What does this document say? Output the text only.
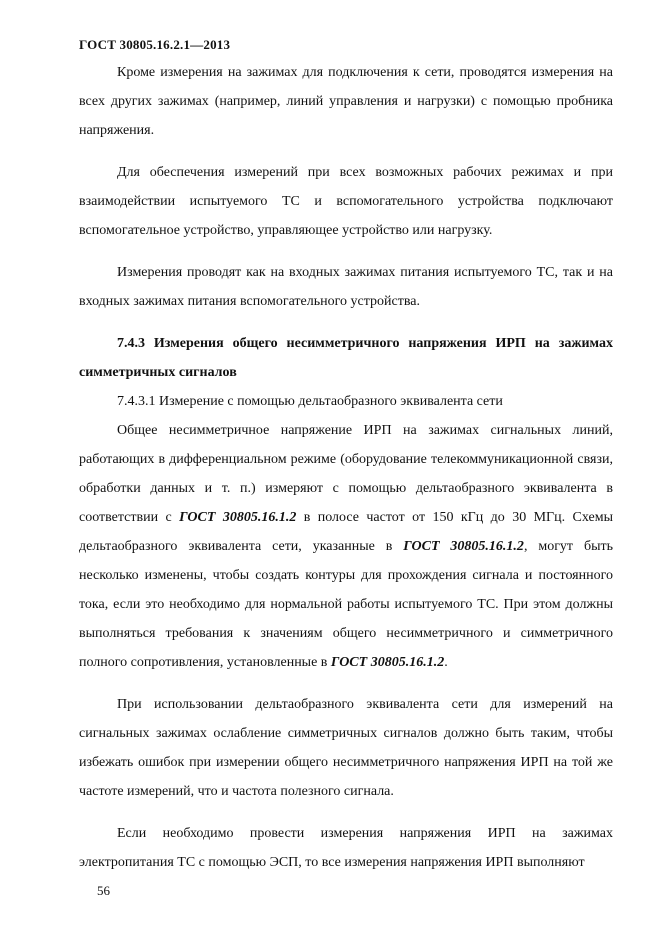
ГОСТ 30805.16.2.1—2013

Кроме измерения на зажимах для подключения к сети, проводятся измерения на всех других зажимах (например, линий управления и нагрузки) с помощью пробника напряжения.

Для обеспечения измерений при всех возможных рабочих режимах и при взаимодействии испытуемого ТС и вспомогательного устройства подключают вспомогательное устройство, управляющее устройство или нагрузку.

Измерения проводят как на входных зажимах питания испытуемого ТС, так и на входных зажимах питания вспомогательного устройства.

7.4.3 Измерения общего несимметричного напряжения ИРП на зажимах симметричных сигналов

7.4.3.1 Измерение с помощью дельтаобразного эквивалента сети

Общее несимметричное напряжение ИРП на зажимах сигнальных линий, работающих в дифференциальном режиме (оборудование телекоммуникационной связи, обработки данных и т. п.) измеряют с помощью дельтаобразного эквивалента в соответствии с ГОСТ 30805.16.1.2 в полосе частот от 150 кГц до 30 МГц. Схемы дельтаобразного эквивалента сети, указанные в ГОСТ 30805.16.1.2, могут быть несколько изменены, чтобы создать контуры для прохождения сигнала и постоянного тока, если это необходимо для нормальной работы испытуемого ТС. При этом должны выполняться требования к значениям общего несимметричного и симметричного полного сопротивления, установленные в ГОСТ 30805.16.1.2.

При использовании дельтаобразного эквивалента сети для измерений на сигнальных зажимах ослабление симметричных сигналов должно быть таким, чтобы избежать ошибок при измерении общего несимметричного напряжения ИРП на той же частоте измерений, что и частота полезного сигнала.

Если необходимо провести измерения напряжения ИРП на зажимах электропитания ТС с помощью ЭСП, то все измерения напряжения ИРП выполняют

56
